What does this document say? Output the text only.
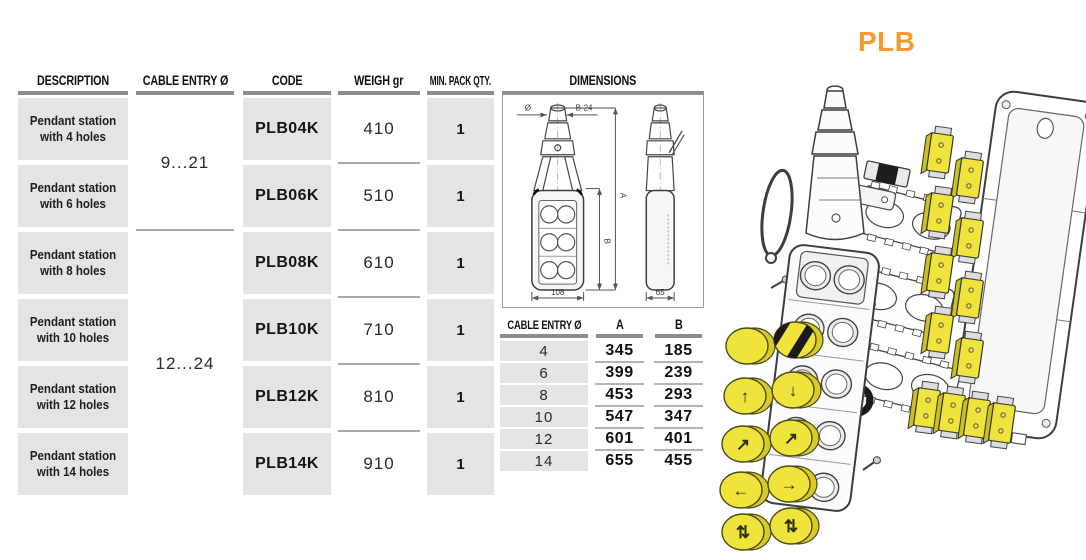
PLB
DESCRIPTION
Pendant station with 4 holes
Pendant station with 6 holes
Pendant station with 8 holes
Pendant station with 10 holes
Pendant station with 12 holes
Pendant station with 14 holes
CABLE ENTRY Ø
9...21
12...24
CODE
PLB04K
PLB06K
PLB08K
PLB10K
PLB12K
PLB14K
WEIGH gr
410
510
610
710
810
910
MIN. PACK QTY.
1
1
1
1
1
1
DIMENSIONS
Ø	B-24
A
B
108	65
CABLE ENTRY Ø
4
6
8
10
12
14
A
345
399
453
547
601
655
B
185
239
293
347
401
455
↑ ↓
↗ ↗
← →
⇅ ⇅
